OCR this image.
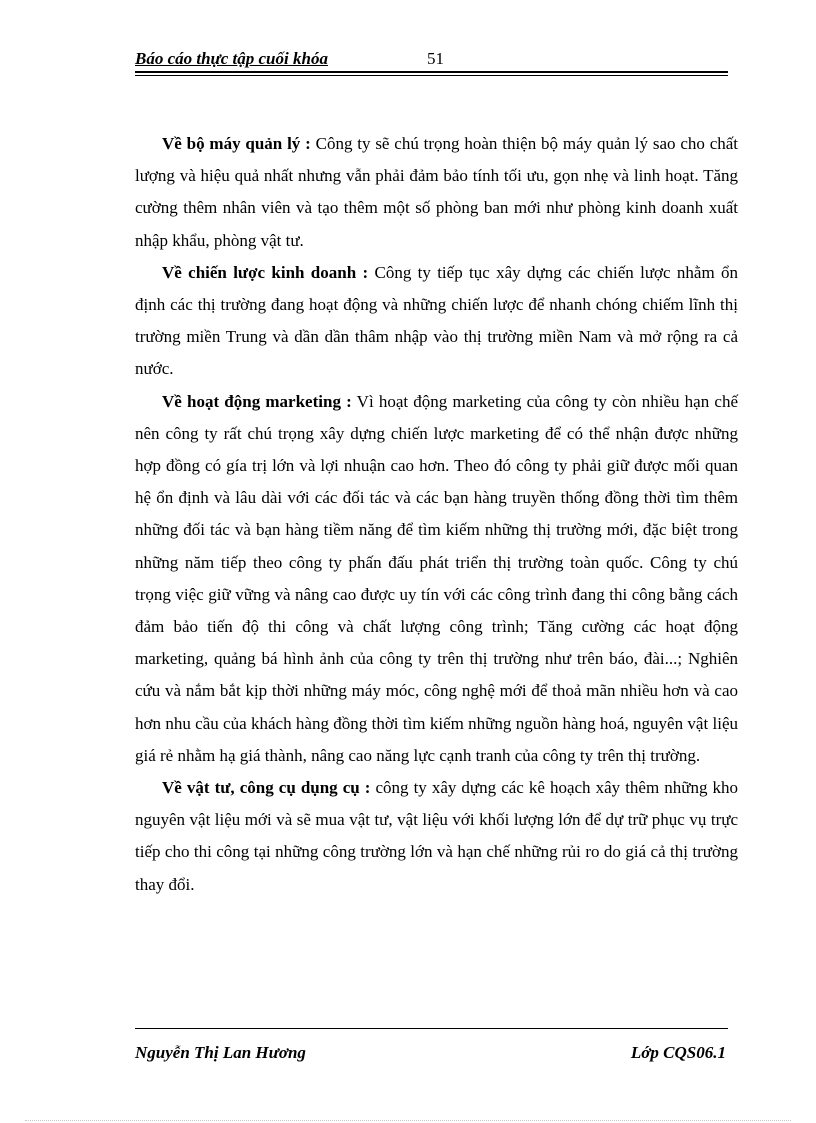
Báo cáo thực tập cuối khóa	51

Về bộ máy quản lý : Công ty sẽ chú trọng hoàn thiện bộ máy quản lý sao cho chất lượng và hiệu quả nhất nhưng vẫn phải đảm bảo tính tối ưu, gọn nhẹ và linh hoạt. Tăng cường thêm nhân viên và tạo thêm một số phòng ban mới như phòng kinh doanh xuất nhập khẩu, phòng vật tư.

Về chiến lược kinh doanh : Công ty tiếp tục xây dựng các chiến lược nhằm ổn định các thị trường đang hoạt động và những chiến lược để nhanh chóng chiếm lĩnh thị trường miền Trung và dần dần thâm nhập vào thị trường miền Nam và mở rộng ra cả nước.

Về hoạt động marketing : Vì hoạt động marketing của công ty còn nhiều hạn chế nên công ty rất chú trọng xây dựng chiến lược marketing để có thể nhận được những hợp đồng có gía trị lớn và lợi nhuận cao hơn. Theo đó công ty phải giữ được mối quan hệ ổn định và lâu dài với các đối tác và các bạn hàng truyền thống đồng thời tìm thêm những đối tác và bạn hàng tiềm năng để tìm kiếm những thị trường mới, đặc biệt trong những năm tiếp theo công ty phấn đấu phát triển thị trường toàn quốc. Công ty chú trọng việc giữ vững và nâng cao được uy tín với các công trình đang thi công bằng cách đảm bảo tiến độ thi công và chất lượng công trình; Tăng cường các hoạt động marketing, quảng bá hình ảnh của công ty trên thị trường như trên báo, đài...; Nghiên cứu và nắm bắt kịp thời những máy móc, công nghệ mới để thoả mãn nhiều hơn và cao hơn nhu cầu của khách hàng đồng thời tìm kiếm những nguồn hàng hoá, nguyên vật liệu giá rẻ nhằm hạ giá thành, nâng cao năng lực cạnh tranh của công ty trên thị trường.

Về vật tư, công cụ dụng cụ : công ty xây dựng các kê hoạch xây thêm những kho nguyên vật liệu mới và sẽ mua vật tư, vật liệu với khối lượng lớn để dự trữ phục vụ trực tiếp cho thi công tại những công trường lớn và hạn chế những rủi ro do giá cả thị trường thay đổi.

Nguyễn Thị Lan Hương	Lớp CQS06.1
